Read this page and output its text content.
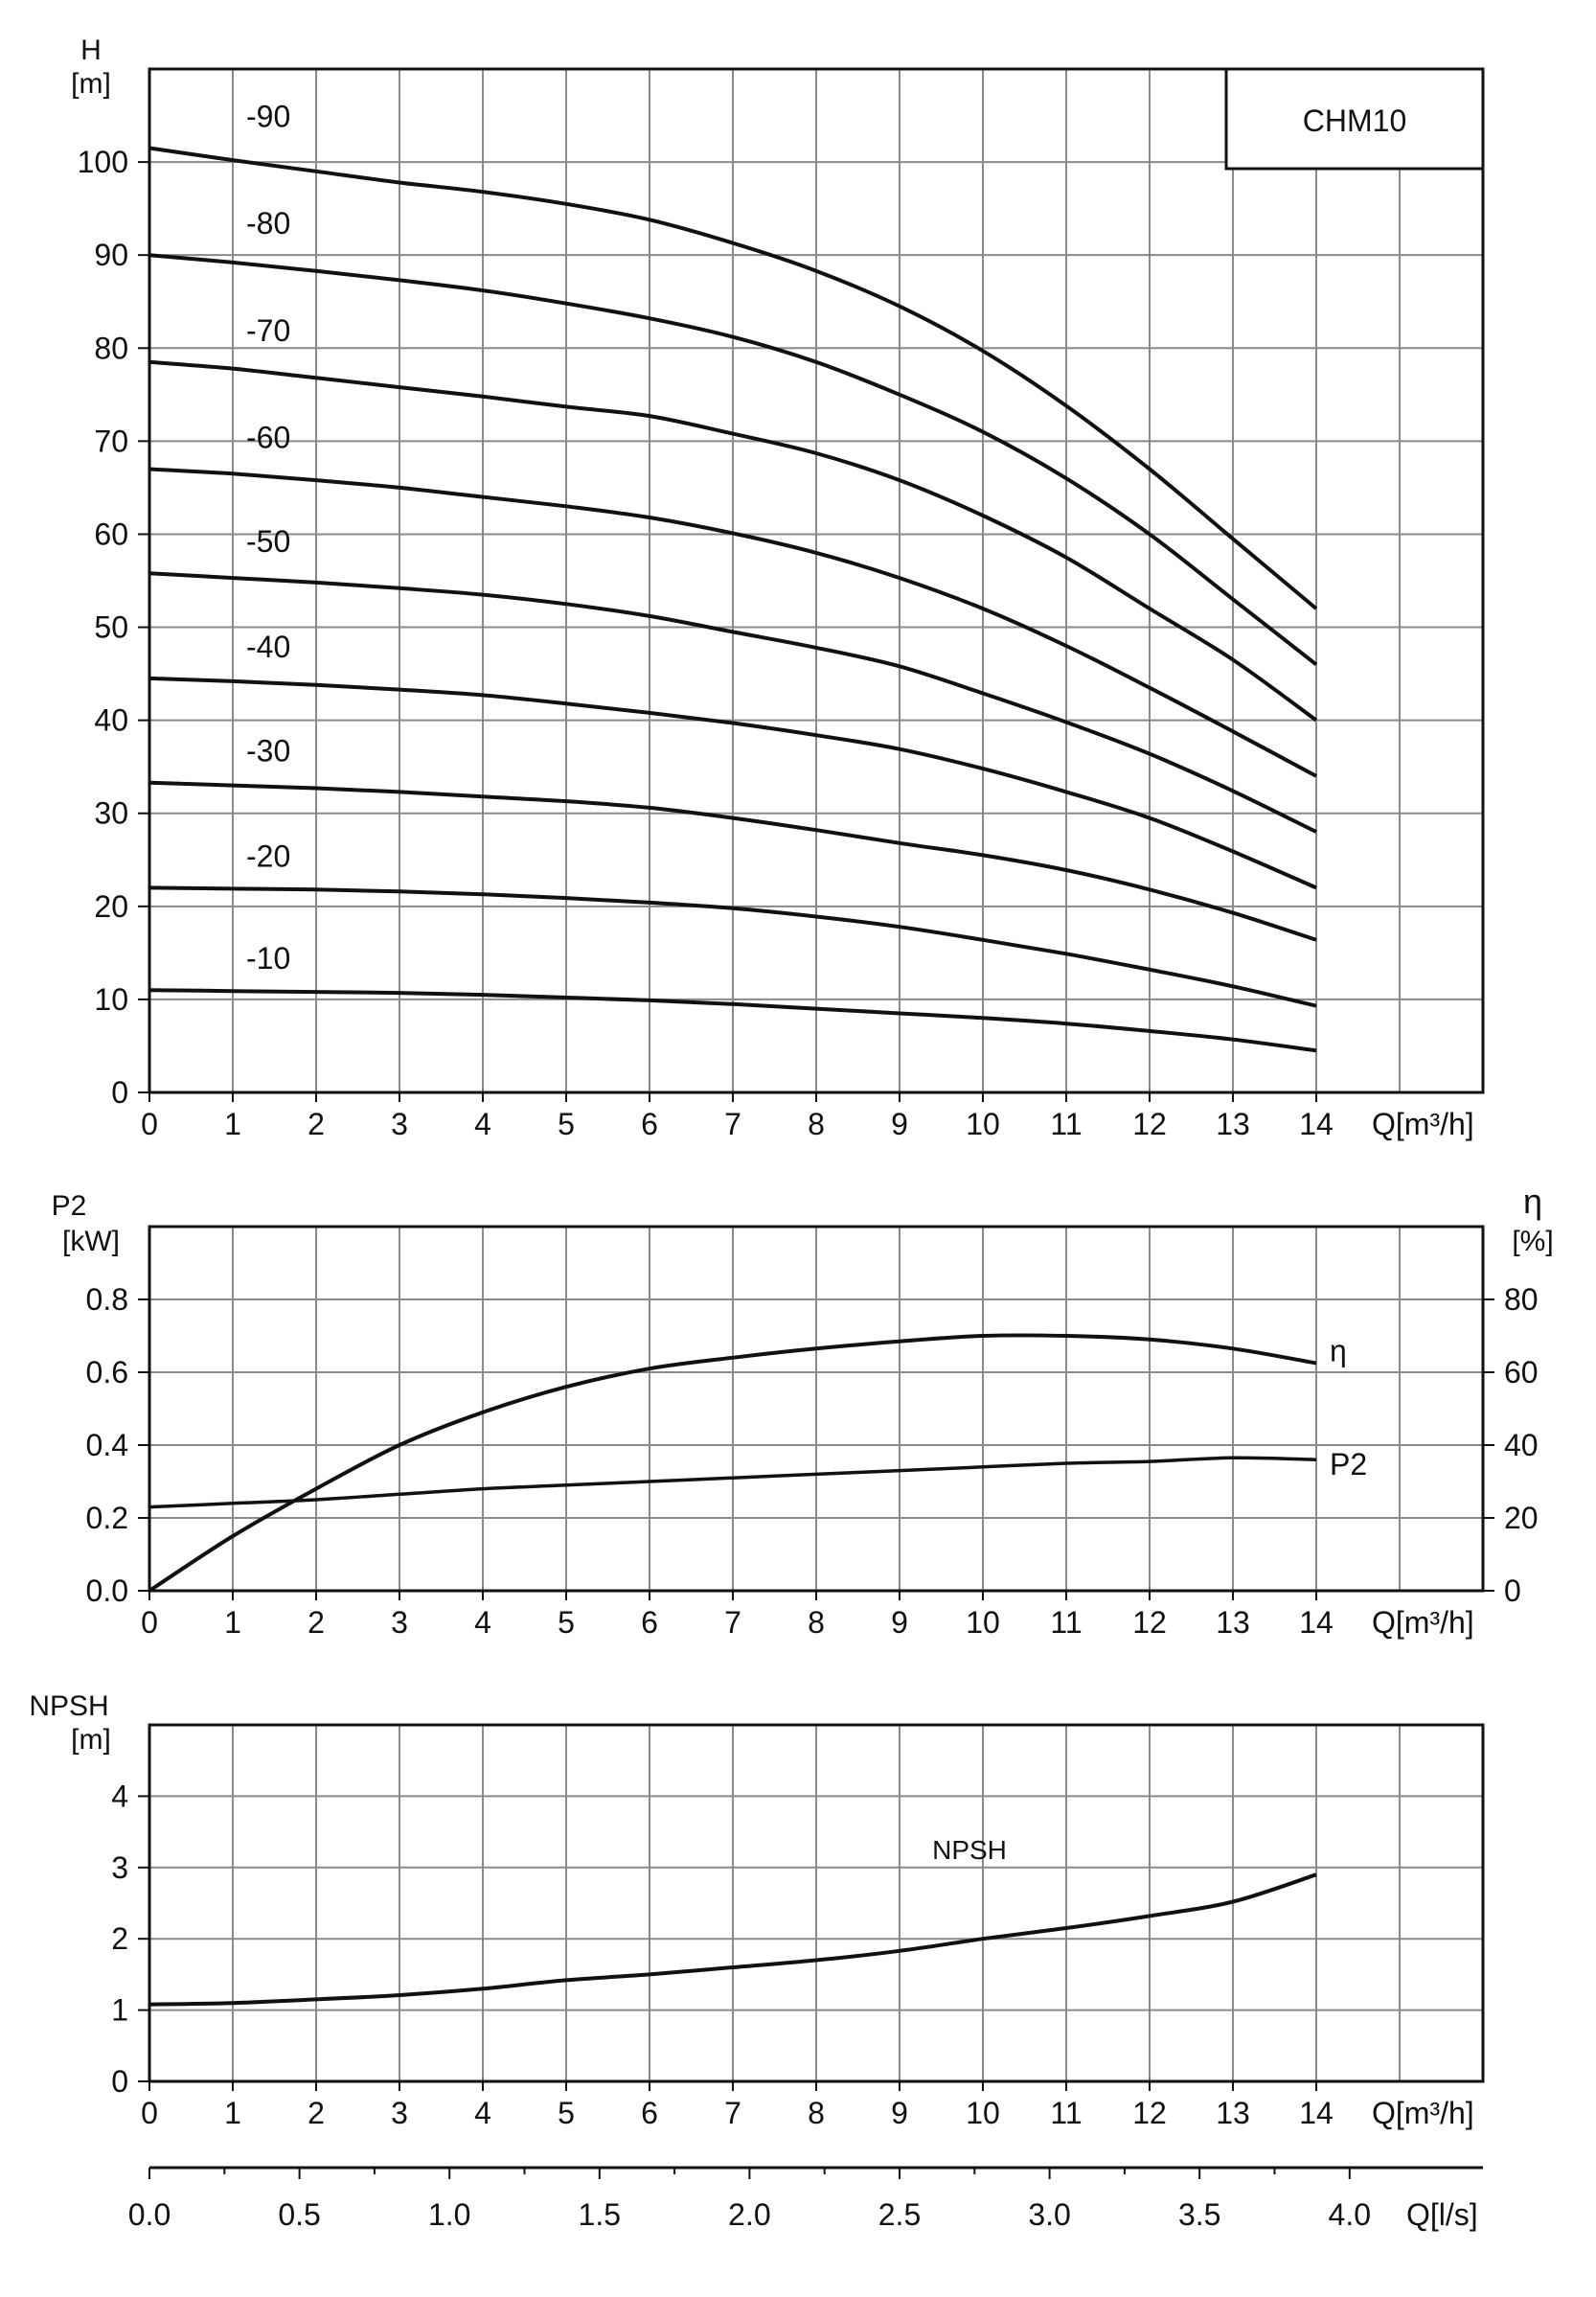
0 1 2 3 4 5 6 7 8 9 10 11 12 13 14 Q[m³/h]
0
10
20
30
40
50
60
70
80
90
100
H
[m]
CHM10
-10
-20
-30
-40
-50
-60
-70
-80
-90
0 1 2 3 4 5 6 7 8 9 10 11 12 13 14 Q[m³/h]
0.0
0.2
0.4
0.6
0.8
0
20
40
60
80
P2
[kW]
η
[%]
η
P2
0 1 2 3 4 5 6 7 8 9 10 11 12 13 14 Q[m³/h]
0
1
2
3
4
NPSH
[m]
NPSH
0.0	0.5	1.0	1.5	2.0	2.5	3.0	3.5	4.0 Q[l/s]
